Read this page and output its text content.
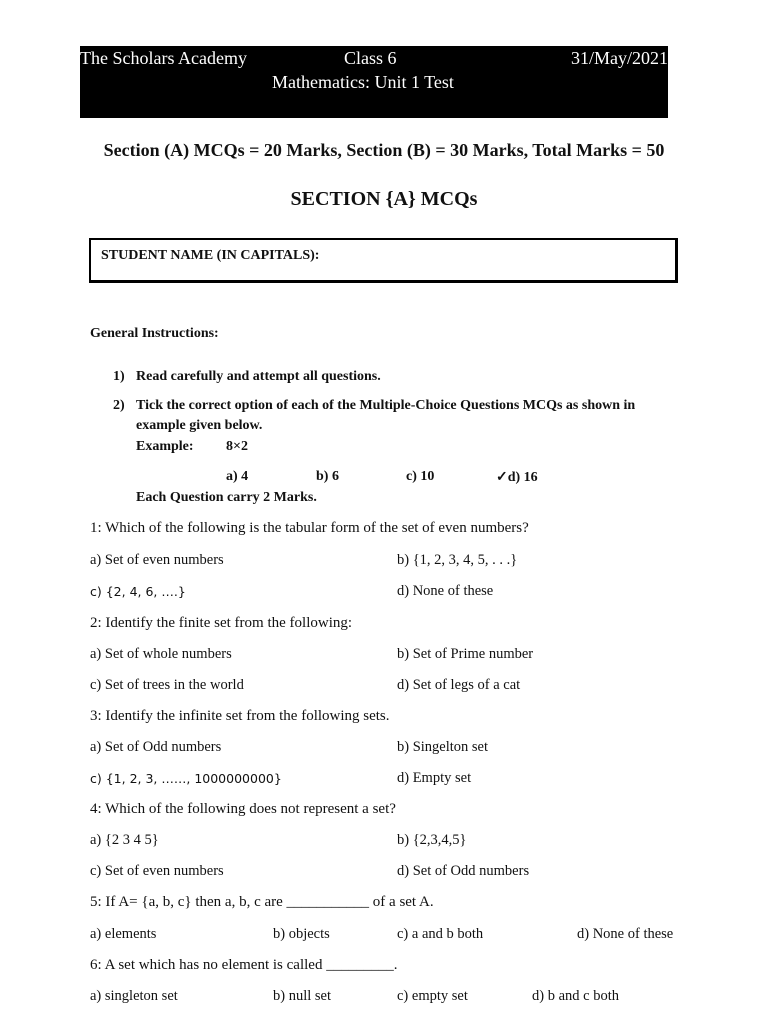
The Scholars Academy	Class 6	31/May/2021
Mathematics: Unit 1 Test
Section (A) MCQs = 20 Marks, Section (B) = 30 Marks, Total Marks = 50
SECTION {A} MCQs
STUDENT NAME (IN CAPITALS):
General Instructions:
1) Read carefully and attempt all questions.
2) Tick the correct option of each of the Multiple-Choice Questions MCQs as shown in
example given below.
Example: 8×2
a) 4	b) 6	c) 10	✓d) 16
Each Question carry 2 Marks.
1: Which of the following is the tabular form of the set of even numbers?
a) Set of even numbers	b) {1, 2, 3, 4, 5, . . .}
c) {2, 4, 6, ….}	d) None of these
2: Identify the finite set from the following:
a) Set of whole numbers	b) Set of Prime number
c) Set of trees in the world	d) Set of legs of a cat
3: Identify the infinite set from the following sets.
a) Set of Odd numbers	b) Singelton set
c) {1, 2, 3, ……, 1000000000}	d) Empty set
4: Which of the following does not represent a set?
a) {2 3 4 5}	b) {2,3,4,5}
c) Set of even numbers	d) Set of Odd numbers
5: If A= {a, b, c} then a, b, c are ___________ of a set A.
a) elements	b) objects	c) a and b both	d) None of these
6: A set which has no element is called _________.
a) singleton set	b) null set	c) empty set	d) b and c both
